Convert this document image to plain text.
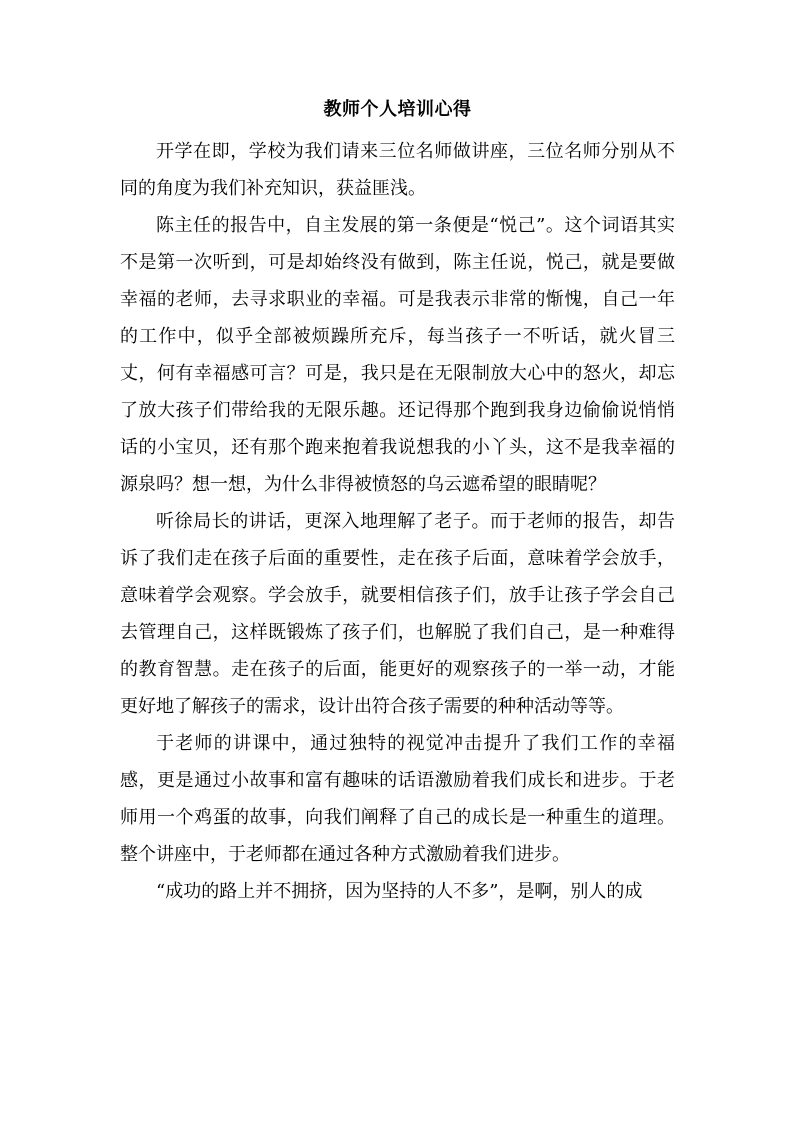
教师个人培训心得

开学在即，学校为我们请来三位名师做讲座，三位名师分别从不同的角度为我们补充知识，获益匪浅。

陈主任的报告中，自主发展的第一条便是“悦己”。这个词语其实不是第一次听到，可是却始终没有做到，陈主任说，悦己，就是要做幸福的老师，去寻求职业的幸福。可是我表示非常的惭愧，自己一年的工作中，似乎全部被烦躁所充斥，每当孩子一不听话，就火冒三丈，何有幸福感可言？可是，我只是在无限制放大心中的怒火，却忘了放大孩子们带给我的无限乐趣。还记得那个跑到我身边偷偷说悄悄话的小宝贝，还有那个跑来抱着我说想我的小丫头，这不是我幸福的源泉吗？想一想，为什么非得被愤怒的乌云遮希望的眼睛呢？

听徐局长的讲话，更深入地理解了老子。而于老师的报告，却告诉了我们走在孩子后面的重要性，走在孩子后面，意味着学会放手，意味着学会观察。学会放手，就要相信孩子们，放手让孩子学会自己去管理自己，这样既锻炼了孩子们，也解脱了我们自己，是一种难得的教育智慧。走在孩子的后面，能更好的观察孩子的一举一动，才能更好地了解孩子的需求，设计出符合孩子需要的种种活动等等。

于老师的讲课中，通过独特的视觉冲击提升了我们工作的幸福感，更是通过小故事和富有趣味的话语激励着我们成长和进步。于老师用一个鸡蛋的故事，向我们阐释了自己的成长是一种重生的道理。整个讲座中，于老师都在通过各种方式激励着我们进步。

“成功的路上并不拥挤，因为坚持的人不多”，是啊，别人的成
